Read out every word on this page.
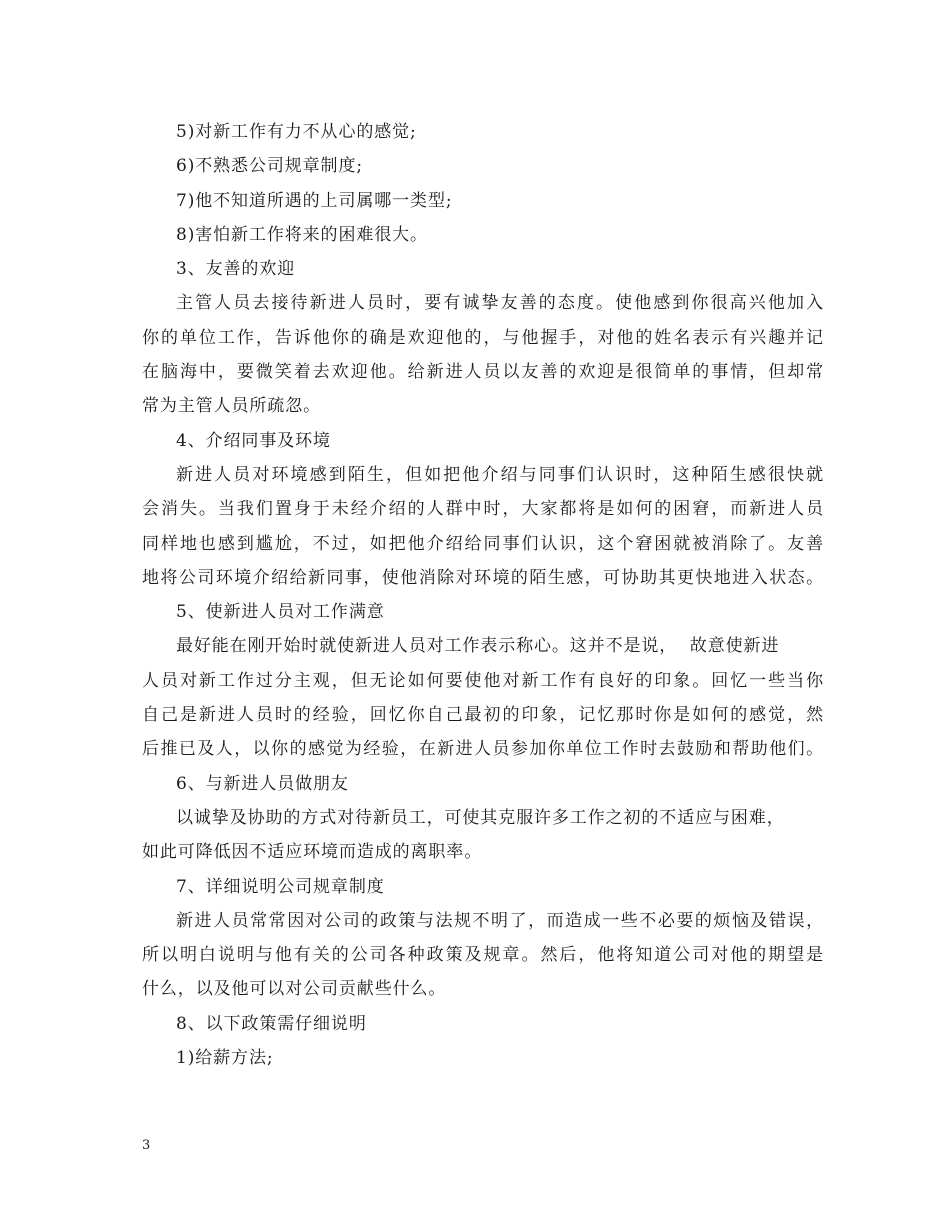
5)对新工作有力不从心的感觉;
6)不熟悉公司规章制度;
7)他不知道所遇的上司属哪一类型;
8)害怕新工作将来的困难很大。
3、友善的欢迎
主管人员去接待新进人员时，要有诚挚友善的态度。使他感到你很高兴他加入
你的单位工作，告诉他你的确是欢迎他的，与他握手，对他的姓名表示有兴趣并记
在脑海中，要微笑着去欢迎他。给新进人员以友善的欢迎是很简单的事情，但却常
常为主管人员所疏忽。
4、介绍同事及环境
新进人员对环境感到陌生，但如把他介绍与同事们认识时，这种陌生感很快就
会消失。当我们置身于未经介绍的人群中时，大家都将是如何的困窘，而新进人员
同样地也感到尴尬，不过，如把他介绍给同事们认识，这个窘困就被消除了。友善
地将公司环境介绍给新同事，使他消除对环境的陌生感，可协助其更快地进入状态。
5、使新进人员对工作满意
最好能在刚开始时就使新进人员对工作表示称心。这并不是说，  故意使新进
人员对新工作过分主观，但无论如何要使他对新工作有良好的印象。回忆一些当你
自己是新进人员时的经验，回忆你自己最初的印象，记忆那时你是如何的感觉，然
后推已及人，以你的感觉为经验，在新进人员参加你单位工作时去鼓励和帮助他们。
6、与新进人员做朋友
以诚挚及协助的方式对待新员工，可使其克服许多工作之初的不适应与困难，
如此可降低因不适应环境而造成的离职率。
7、详细说明公司规章制度
新进人员常常因对公司的政策与法规不明了，而造成一些不必要的烦恼及错误，
所以明白说明与他有关的公司各种政策及规章。然后，他将知道公司对他的期望是
什么，以及他可以对公司贡献些什么。
8、以下政策需仔细说明
1)给薪方法;
3
